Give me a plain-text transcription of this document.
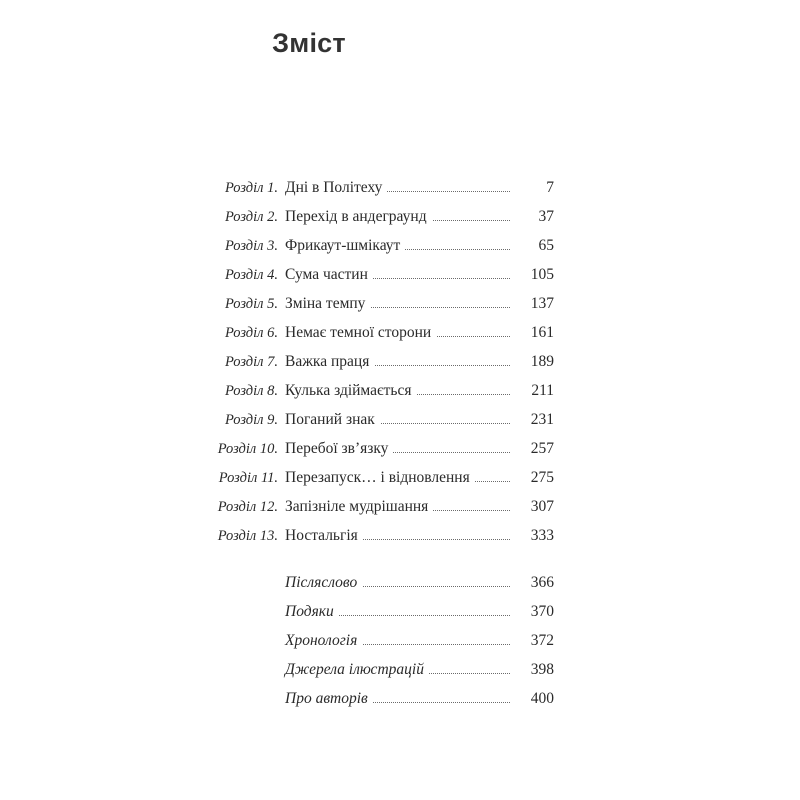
Зміст
Розділ 1. Дні в Політеху	7
Розділ 2. Перехід в андеграунд	37
Розділ 3. Фрикаут-шмікаут	65
Розділ 4. Сума частин	105
Розділ 5. Зміна темпу	137
Розділ 6. Немає темної сторони	161
Розділ 7. Важка праця	189
Розділ 8. Кулька здіймається	211
Розділ 9. Поганий знак	231
Розділ 10. Перебої зв’язку	257
Розділ 11. Перезапуск… і відновлення	275
Розділ 12. Запізніле мудрішання	307
Розділ 13. Ностальгія	333
Післяслово	366
Подяки	370
Хронологія	372
Джерела ілюстрацій	398
Про авторів	400
